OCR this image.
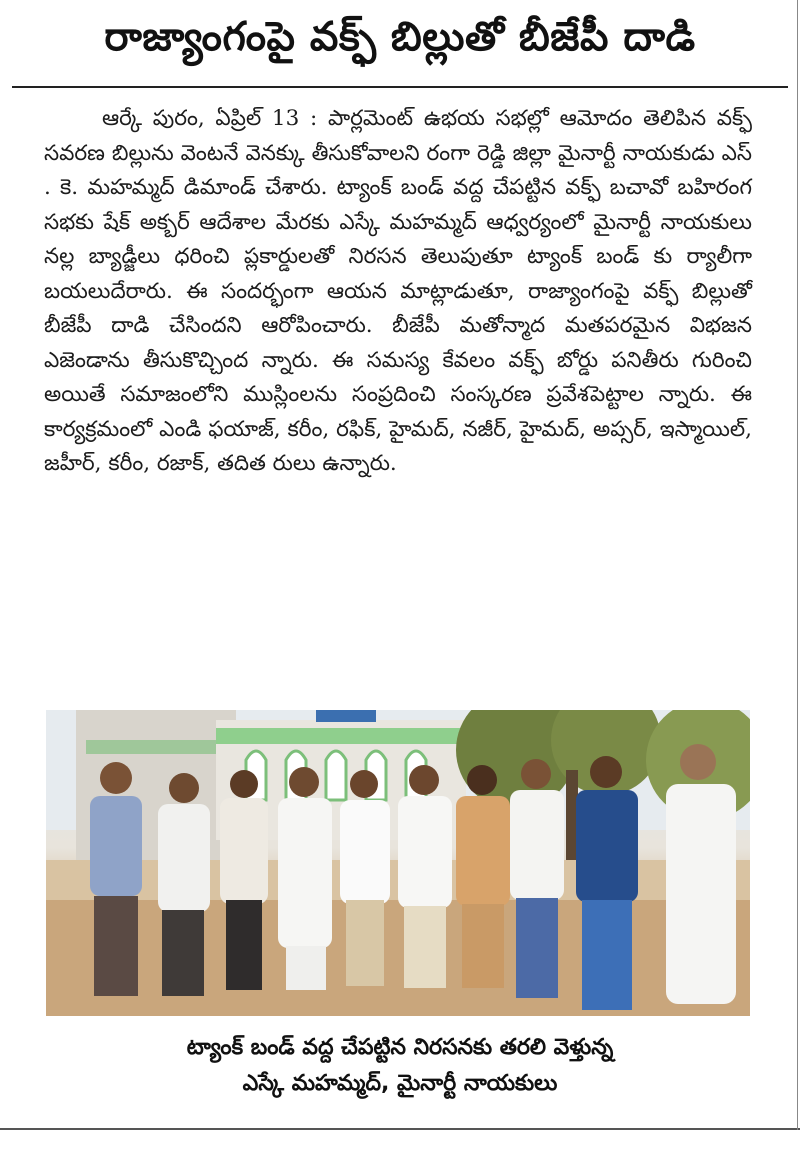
రాజ్యాంగంపై వక్ఫ్ బిల్లుతో బీజేపీ దాడి

ఆర్కే పురం, ఏప్రిల్ 13 : పార్లమెంట్ ఉభయ సభల్లో ఆమోదం తెలిపిన వక్ఫ్ సవరణ బిల్లును వెంటనే వెనక్కు తీసుకోవాలని రంగా రెడ్డి జిల్లా మైనార్టీ నాయకుడు ఎస్ . కె. మహమ్మద్ డిమాండ్ చేశారు. ట్యాంక్ బండ్ వద్ద చేపట్టిన వక్ఫ్ బచావో బహిరంగ సభకు షేక్ అక్బర్ ఆదేశాల మేరకు ఎస్కే మహమ్మద్ ఆధ్వర్యంలో మైనార్టీ నాయకులు నల్ల బ్యాడ్జీలు ధరించి ప్లకార్డులతో నిరసన తెలుపుతూ ట్యాంక్ బండ్ కు ర్యాలీగా బయలుదేరారు. ఈ సందర్భంగా ఆయన మాట్లాడుతూ, రాజ్యాంగంపై వక్ఫ్ బిల్లుతో బీజేపీ దాడి చేసిందని ఆరోపించారు. బీజేపీ మతోన్మాద మతపరమైన విభజన ఎజెండాను తీసుకొచ్చింద న్నారు. ఈ సమస్య కేవలం వక్ఫ్ బోర్డు పనితీరు గురించి అయితే సమాజంలోని ముస్లింలను సంప్రదించి సంస్కరణ ప్రవేశపెట్టాల న్నారు. ఈ కార్యక్రమంలో ఎండి ఫయాజ్, కరీం, రఫిక్, హైమద్, నజీర్, హైమద్, అప్సర్, ఇస్మాయిల్, జహీర్, కరీం, రజాక్, తదిత రులు ఉన్నారు.

ట్యాంక్ బండ్ వద్ద చేపట్టిన నిరసనకు తరలి వెళ్తున్న
ఎస్కే మహమ్మద్, మైనార్టీ నాయకులు
